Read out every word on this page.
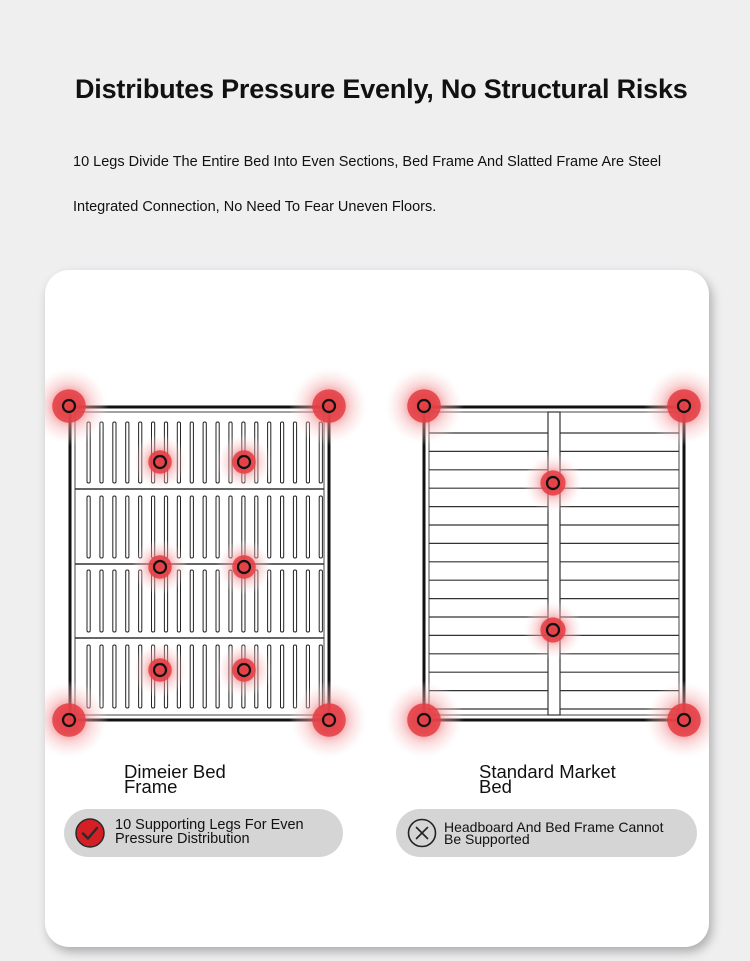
Distributes Pressure Evenly, No Structural Risks
10 Legs Divide The Entire Bed Into Even Sections, Bed Frame And Slatted Frame Are Steel Integrated Connection, No Need To Fear Uneven Floors.
Dimeier Bed
Frame
Standard Market
Bed
10 Supporting Legs For Even
Pressure Distribution
Headboard And Bed Frame Cannot
Be Supported
